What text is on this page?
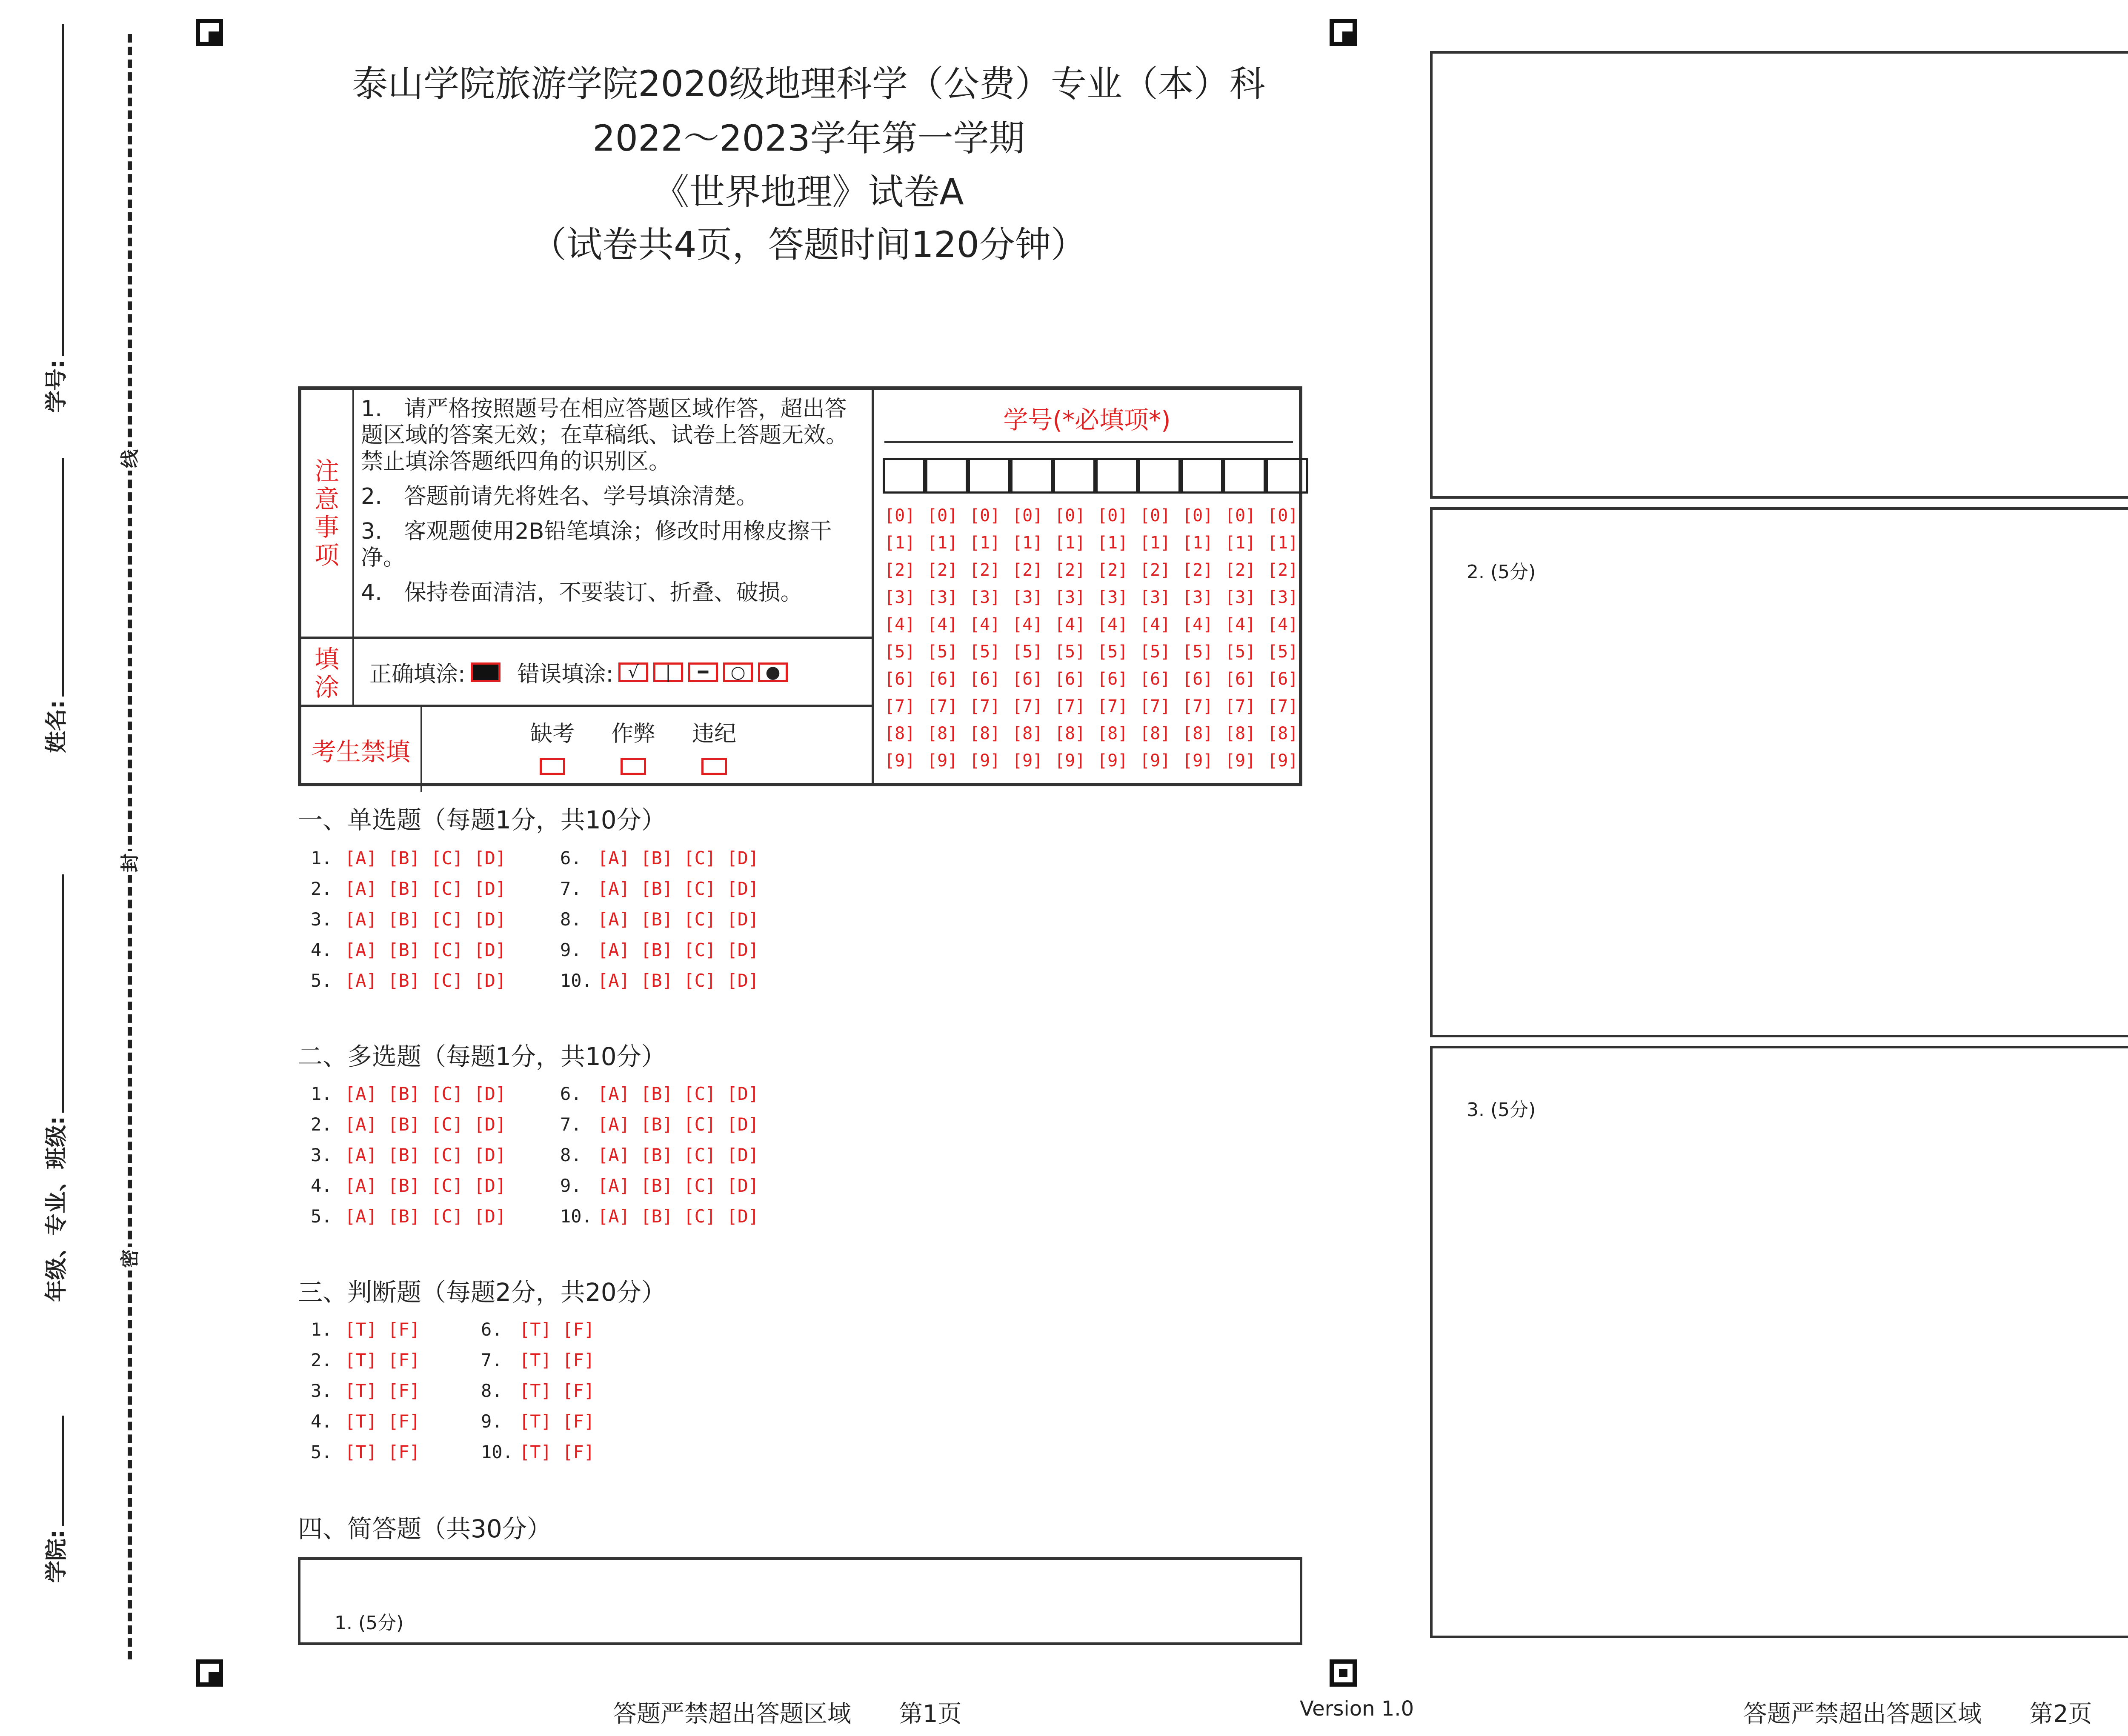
线
封
密
学号:
姓名:
年级、专业、班级:
学院:
泰山学院旅游学院2020级地理科学（公费）专业（本）科
2022～2023学年第一学期
《世界地理》试卷A
（试卷共4页，答题时间120分钟）
注
意
事
项

1.　请严格按照题号在相应答题区域作答，超出答题区域的答案无效；在草稿纸、试卷上答题无效。禁止填涂答题纸四角的识别区。

2.　答题前请先将姓名、学号填涂清楚。

3.　客观题使用2B铅笔填涂；修改时用橡皮擦干净。

4.　保持卷面清洁，不要装订、折叠、破损。

填
涂 正确填涂: 错误填涂: √	|	━	○	●
考生禁填
缺考	作弊	违纪
学号(*必填项*)
[0] [0] [0] [0] [0] [0] [0] [0] [0] [0]
[1] [1] [1] [1] [1] [1] [1] [1] [1] [1]
[2] [2] [2] [2] [2] [2] [2] [2] [2] [2]
[3] [3] [3] [3] [3] [3] [3] [3] [3] [3]
[4] [4] [4] [4] [4] [4] [4] [4] [4] [4]
[5] [5] [5] [5] [5] [5] [5] [5] [5] [5]
[6] [6] [6] [6] [6] [6] [6] [6] [6] [6]
[7] [7] [7] [7] [7] [7] [7] [7] [7] [7]
[8] [8] [8] [8] [8] [8] [8] [8] [8] [8]
[9] [9] [9] [9] [9] [9] [9] [9] [9] [9]
一、单选题（每题1分，共10分）
1. [A] [B] [C] [D]
2. [A] [B] [C] [D]
3. [A] [B] [C] [D]
4. [A] [B] [C] [D]
5. [A] [B] [C] [D]
6. [A] [B] [C] [D]
7. [A] [B] [C] [D]
8. [A] [B] [C] [D]
9. [A] [B] [C] [D]
10. [A] [B] [C] [D]
二、多选题（每题1分，共10分）
1. [A] [B] [C] [D]
2. [A] [B] [C] [D]
3. [A] [B] [C] [D]
4. [A] [B] [C] [D]
5. [A] [B] [C] [D]
6. [A] [B] [C] [D]
7. [A] [B] [C] [D]
8. [A] [B] [C] [D]
9. [A] [B] [C] [D]
10. [A] [B] [C] [D]
三、判断题（每题2分，共20分）
1. [T] [F]
2. [T] [F]
3. [T] [F]
4. [T] [F]
5. [T] [F]
6. [T] [F]
7. [T] [F]
8. [T] [F]
9. [T] [F]
10. [T] [F]
四、简答题（共30分）
1. (5分)
2. (5分)
3. (5分)
答题严禁超出答题区域　　第1页	Version 1.0	答题严禁超出答题区域　　第2页
